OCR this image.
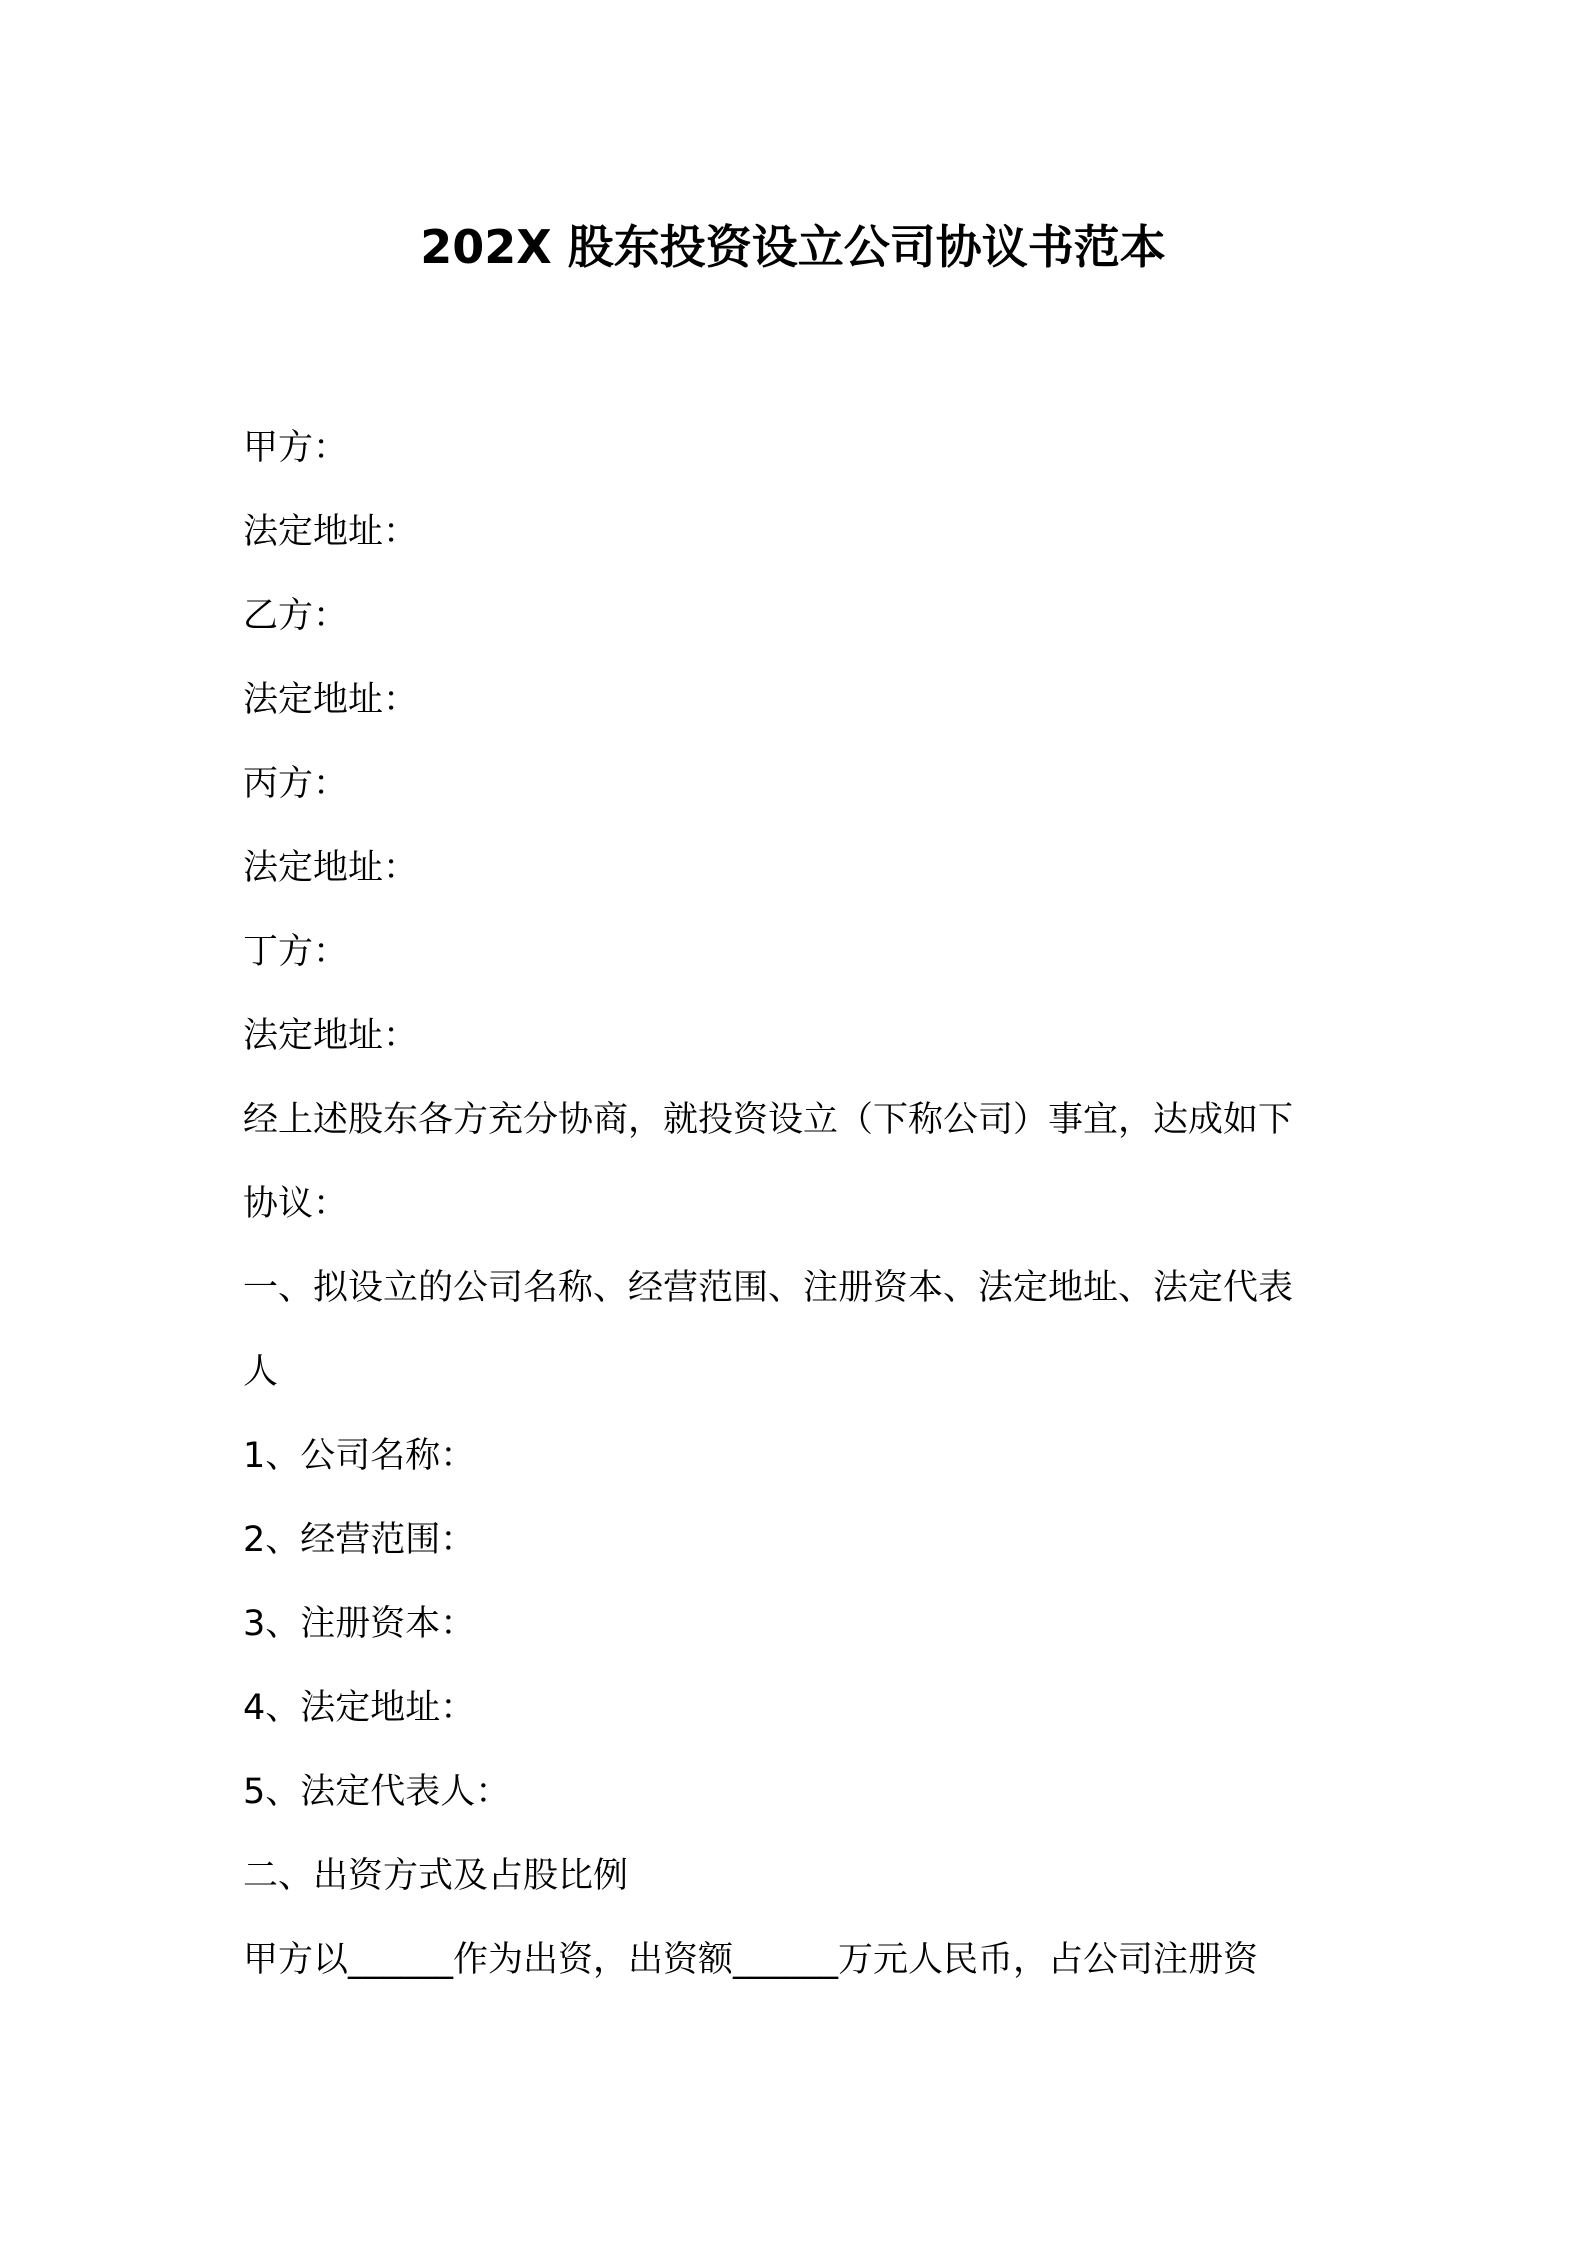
202X 股东投资设立公司协议书范本
甲方：
法定地址：
乙方：
法定地址：
丙方：
法定地址：
丁方：
法定地址：
经上述股东各方充分协商，就投资设立（下称公司）事宜，达成如下
协议：
一、拟设立的公司名称、经营范围、注册资本、法定地址、法定代表
人
1、公司名称：
2、经营范围：
3、注册资本：
4、法定地址：
5、法定代表人：
二、出资方式及占股比例
甲方以______作为出资，出资额______万元人民币，占公司注册资
